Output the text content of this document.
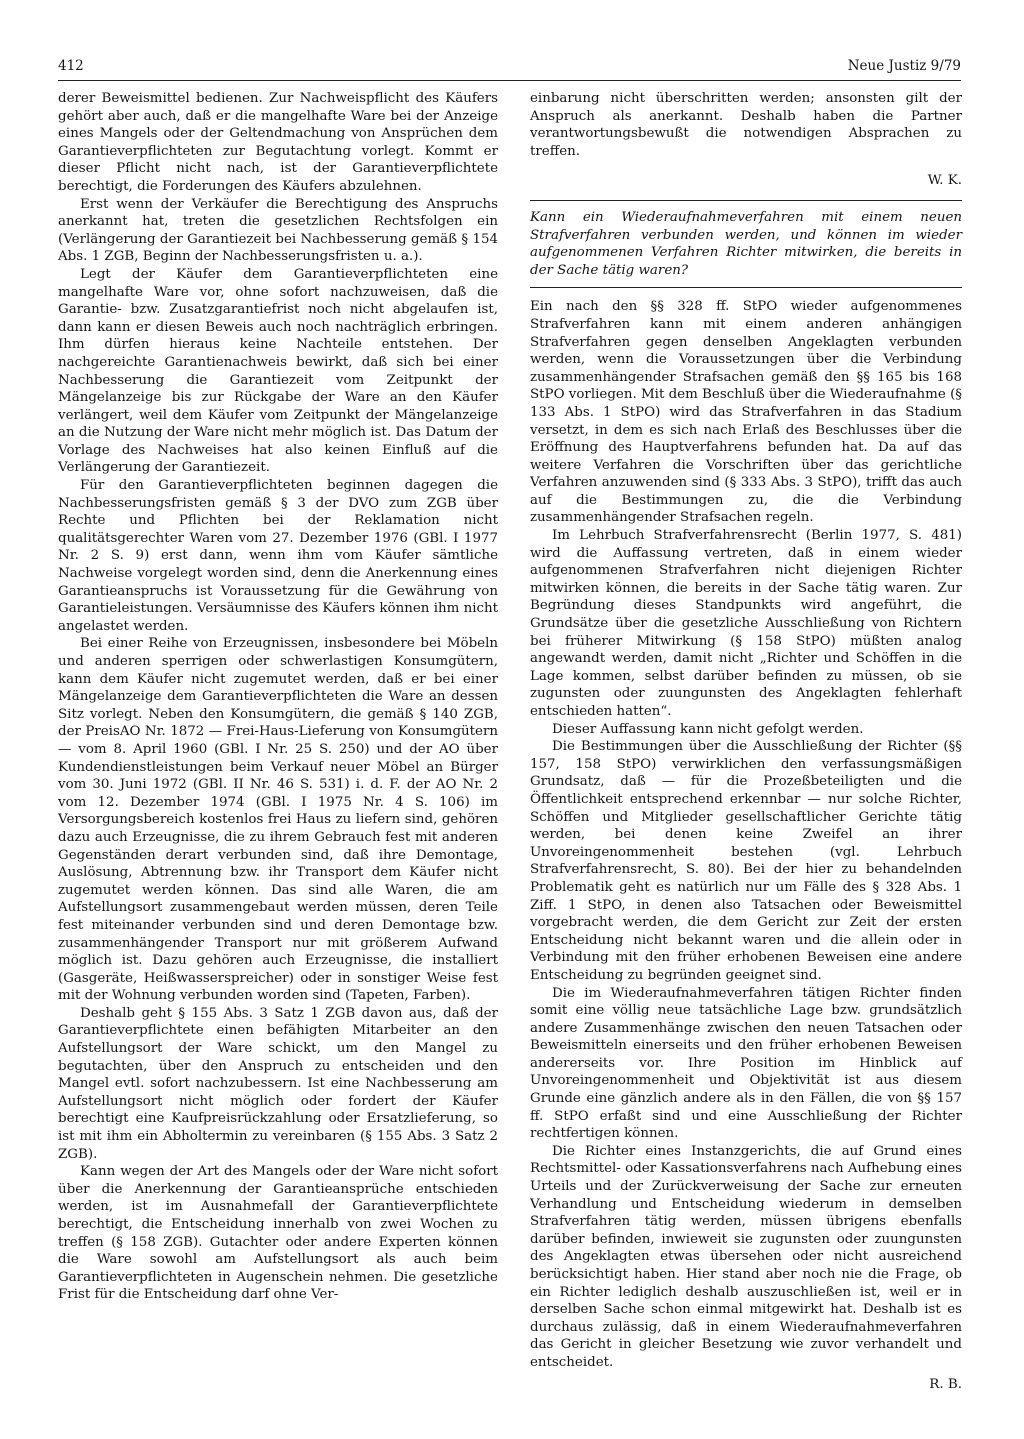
412	Neue Justiz 9/79

derer Beweismittel bedienen. Zur Nachweispflicht des Käufers gehört aber auch, daß er die mangelhafte Ware bei der Anzeige eines Mangels oder der Geltendmachung von Ansprüchen dem Garantieverpflichteten zur Begutachtung vorlegt. Kommt er dieser Pflicht nicht nach, ist der Garantieverpflichtete berechtigt, die Forderungen des Käufers abzulehnen.

Erst wenn der Verkäufer die Berechtigung des Anspruchs anerkannt hat, treten die gesetzlichen Rechtsfolgen ein (Verlängerung der Garantiezeit bei Nachbesserung gemäß § 154 Abs. 1 ZGB, Beginn der Nachbesserungsfristen u. a.).

Legt der Käufer dem Garantieverpflichteten eine mangelhafte Ware vor, ohne sofort nachzuweisen, daß die Garantie- bzw. Zusatzgarantiefrist noch nicht abgelaufen ist, dann kann er diesen Beweis auch noch nachträglich erbringen. Ihm dürfen hieraus keine Nachteile entstehen. Der nachgereichte Garantienachweis bewirkt, daß sich bei einer Nachbesserung die Garantiezeit vom Zeitpunkt der Mängelanzeige bis zur Rückgabe der Ware an den Käufer verlängert, weil dem Käufer vom Zeitpunkt der Mängelanzeige an die Nutzung der Ware nicht mehr möglich ist. Das Datum der Vorlage des Nachweises hat also keinen Einfluß auf die Verlängerung der Garantiezeit.

Für den Garantieverpflichteten beginnen dagegen die Nachbesserungsfristen gemäß § 3 der DVO zum ZGB über Rechte und Pflichten bei der Reklamation nicht qualitätsgerechter Waren vom 27. Dezember 1976 (GBl. I 1977 Nr. 2 S. 9) erst dann, wenn ihm vom Käufer sämtliche Nachweise vorgelegt worden sind, denn die Anerkennung eines Garantieanspruchs ist Voraussetzung für die Gewährung von Garantieleistungen. Versäumnisse des Käufers können ihm nicht angelastet werden.

Bei einer Reihe von Erzeugnissen, insbesondere bei Möbeln und anderen sperrigen oder schwerlastigen Konsumgütern, kann dem Käufer nicht zugemutet werden, daß er bei einer Mängelanzeige dem Garantieverpflichteten die Ware an dessen Sitz vorlegt. Neben den Konsumgütern, die gemäß § 140 ZGB, der PreisAO Nr. 1872 — Frei-Haus-Lieferung von Konsumgütern — vom 8. April 1960 (GBl. I Nr. 25 S. 250) und der AO über Kundendienstleistungen beim Verkauf neuer Möbel an Bürger vom 30. Juni 1972 (GBl. II Nr. 46 S. 531) i. d. F. der AO Nr. 2 vom 12. Dezember 1974 (GBl. I 1975 Nr. 4 S. 106) im Versorgungsbereich kostenlos frei Haus zu liefern sind, gehören dazu auch Erzeugnisse, die zu ihrem Gebrauch fest mit anderen Gegenständen derart verbunden sind, daß ihre Demontage, Auslösung, Abtrennung bzw. ihr Transport dem Käufer nicht zugemutet werden können. Das sind alle Waren, die am Aufstellungsort zusammengebaut werden müssen, deren Teile fest miteinander verbunden sind und deren Demontage bzw. zusammenhängender Transport nur mit größerem Aufwand möglich ist. Dazu gehören auch Erzeugnisse, die installiert (Gasgeräte, Heißwasserspreicher) oder in sonstiger Weise fest mit der Wohnung verbunden worden sind (Tapeten, Farben).

Deshalb geht § 155 Abs. 3 Satz 1 ZGB davon aus, daß der Garantieverpflichtete einen befähigten Mitarbeiter an den Aufstellungsort der Ware schickt, um den Mangel zu begutachten, über den Anspruch zu entscheiden und den Mangel evtl. sofort nachzubessern. Ist eine Nachbesserung am Aufstellungsort nicht möglich oder fordert der Käufer berechtigt eine Kaufpreisrückzahlung oder Ersatzlieferung, so ist mit ihm ein Abholtermin zu vereinbaren (§ 155 Abs. 3 Satz 2 ZGB).

Kann wegen der Art des Mangels oder der Ware nicht sofort über die Anerkennung der Garantieansprüche entschieden werden, ist im Ausnahmefall der Garantieverpflichtete berechtigt, die Entscheidung innerhalb von zwei Wochen zu treffen (§ 158 ZGB). Gutachter oder andere Experten können die Ware sowohl am Aufstellungsort als auch beim Garantieverpflichteten in Augenschein nehmen. Die gesetzliche Frist für die Entscheidung darf ohne Ver-

einbarung nicht überschritten werden; ansonsten gilt der Anspruch als anerkannt. Deshalb haben die Partner verantwortungsbewußt die notwendigen Absprachen zu treffen.

W. K.
Kann ein Wiederaufnahmeverfahren mit einem neuen Strafverfahren verbunden werden, und können im wieder aufgenommenen Verfahren Richter mitwirken, die bereits in der Sache tätig waren?

Ein nach den §§ 328 ff. StPO wieder aufgenommenes Strafverfahren kann mit einem anderen anhängigen Strafverfahren gegen denselben Angeklagten verbunden werden, wenn die Voraussetzungen über die Verbindung zusammenhängender Strafsachen gemäß den §§ 165 bis 168 StPO vorliegen. Mit dem Beschluß über die Wiederaufnahme (§ 133 Abs. 1 StPO) wird das Strafverfahren in das Stadium versetzt, in dem es sich nach Erlaß des Beschlusses über die Eröffnung des Hauptverfahrens befunden hat. Da auf das weitere Verfahren die Vorschriften über das gerichtliche Verfahren anzuwenden sind (§ 333 Abs. 3 StPO), trifft das auch auf die Bestimmungen zu, die die Verbindung zusammenhängender Strafsachen regeln.

Im Lehrbuch Strafverfahrensrecht (Berlin 1977, S. 481) wird die Auffassung vertreten, daß in einem wieder aufgenommenen Strafverfahren nicht diejenigen Richter mitwirken können, die bereits in der Sache tätig waren. Zur Begründung dieses Standpunkts wird angeführt, die Grundsätze über die gesetzliche Ausschließung von Richtern bei früherer Mitwirkung (§ 158 StPO) müßten analog angewandt werden, damit nicht „Richter und Schöffen in die Lage kommen, selbst darüber befinden zu müssen, ob sie zugunsten oder zuungunsten des Angeklagten fehlerhaft entschieden hatten“.

Dieser Auffassung kann nicht gefolgt werden.

Die Bestimmungen über die Ausschließung der Richter (§§ 157, 158 StPO) verwirklichen den verfassungsmäßigen Grundsatz, daß — für die Prozeßbeteiligten und die Öffentlichkeit entsprechend erkennbar — nur solche Richter, Schöffen und Mitglieder gesellschaftlicher Gerichte tätig werden, bei denen keine Zweifel an ihrer Unvoreingenommenheit bestehen (vgl. Lehrbuch Strafverfahrensrecht, S. 80). Bei der hier zu behandelnden Problematik geht es natürlich nur um Fälle des § 328 Abs. 1 Ziff. 1 StPO, in denen also Tatsachen oder Beweismittel vorgebracht werden, die dem Gericht zur Zeit der ersten Entscheidung nicht bekannt waren und die allein oder in Verbindung mit den früher erhobenen Beweisen eine andere Entscheidung zu begründen geeignet sind.

Die im Wiederaufnahmeverfahren tätigen Richter finden somit eine völlig neue tatsächliche Lage bzw. grundsätzlich andere Zusammenhänge zwischen den neuen Tatsachen oder Beweismitteln einerseits und den früher erhobenen Beweisen andererseits vor. Ihre Position im Hinblick auf Unvoreingenommenheit und Objektivität ist aus diesem Grunde eine gänzlich andere als in den Fällen, die von §§ 157 ff. StPO erfaßt sind und eine Ausschließung der Richter rechtfertigen können.

Die Richter eines Instanzgerichts, die auf Grund eines Rechtsmittel- oder Kassationsverfahrens nach Aufhebung eines Urteils und der Zurückverweisung der Sache zur erneuten Verhandlung und Entscheidung wiederum in demselben Strafverfahren tätig werden, müssen übrigens ebenfalls darüber befinden, inwieweit sie zugunsten oder zuungunsten des Angeklagten etwas übersehen oder nicht ausreichend berücksichtigt haben. Hier stand aber noch nie die Frage, ob ein Richter lediglich deshalb auszuschließen ist, weil er in derselben Sache schon einmal mitgewirkt hat. Deshalb ist es durchaus zulässig, daß in einem Wiederaufnahmeverfahren das Gericht in gleicher Besetzung wie zuvor verhandelt und entscheidet.

R. B.
